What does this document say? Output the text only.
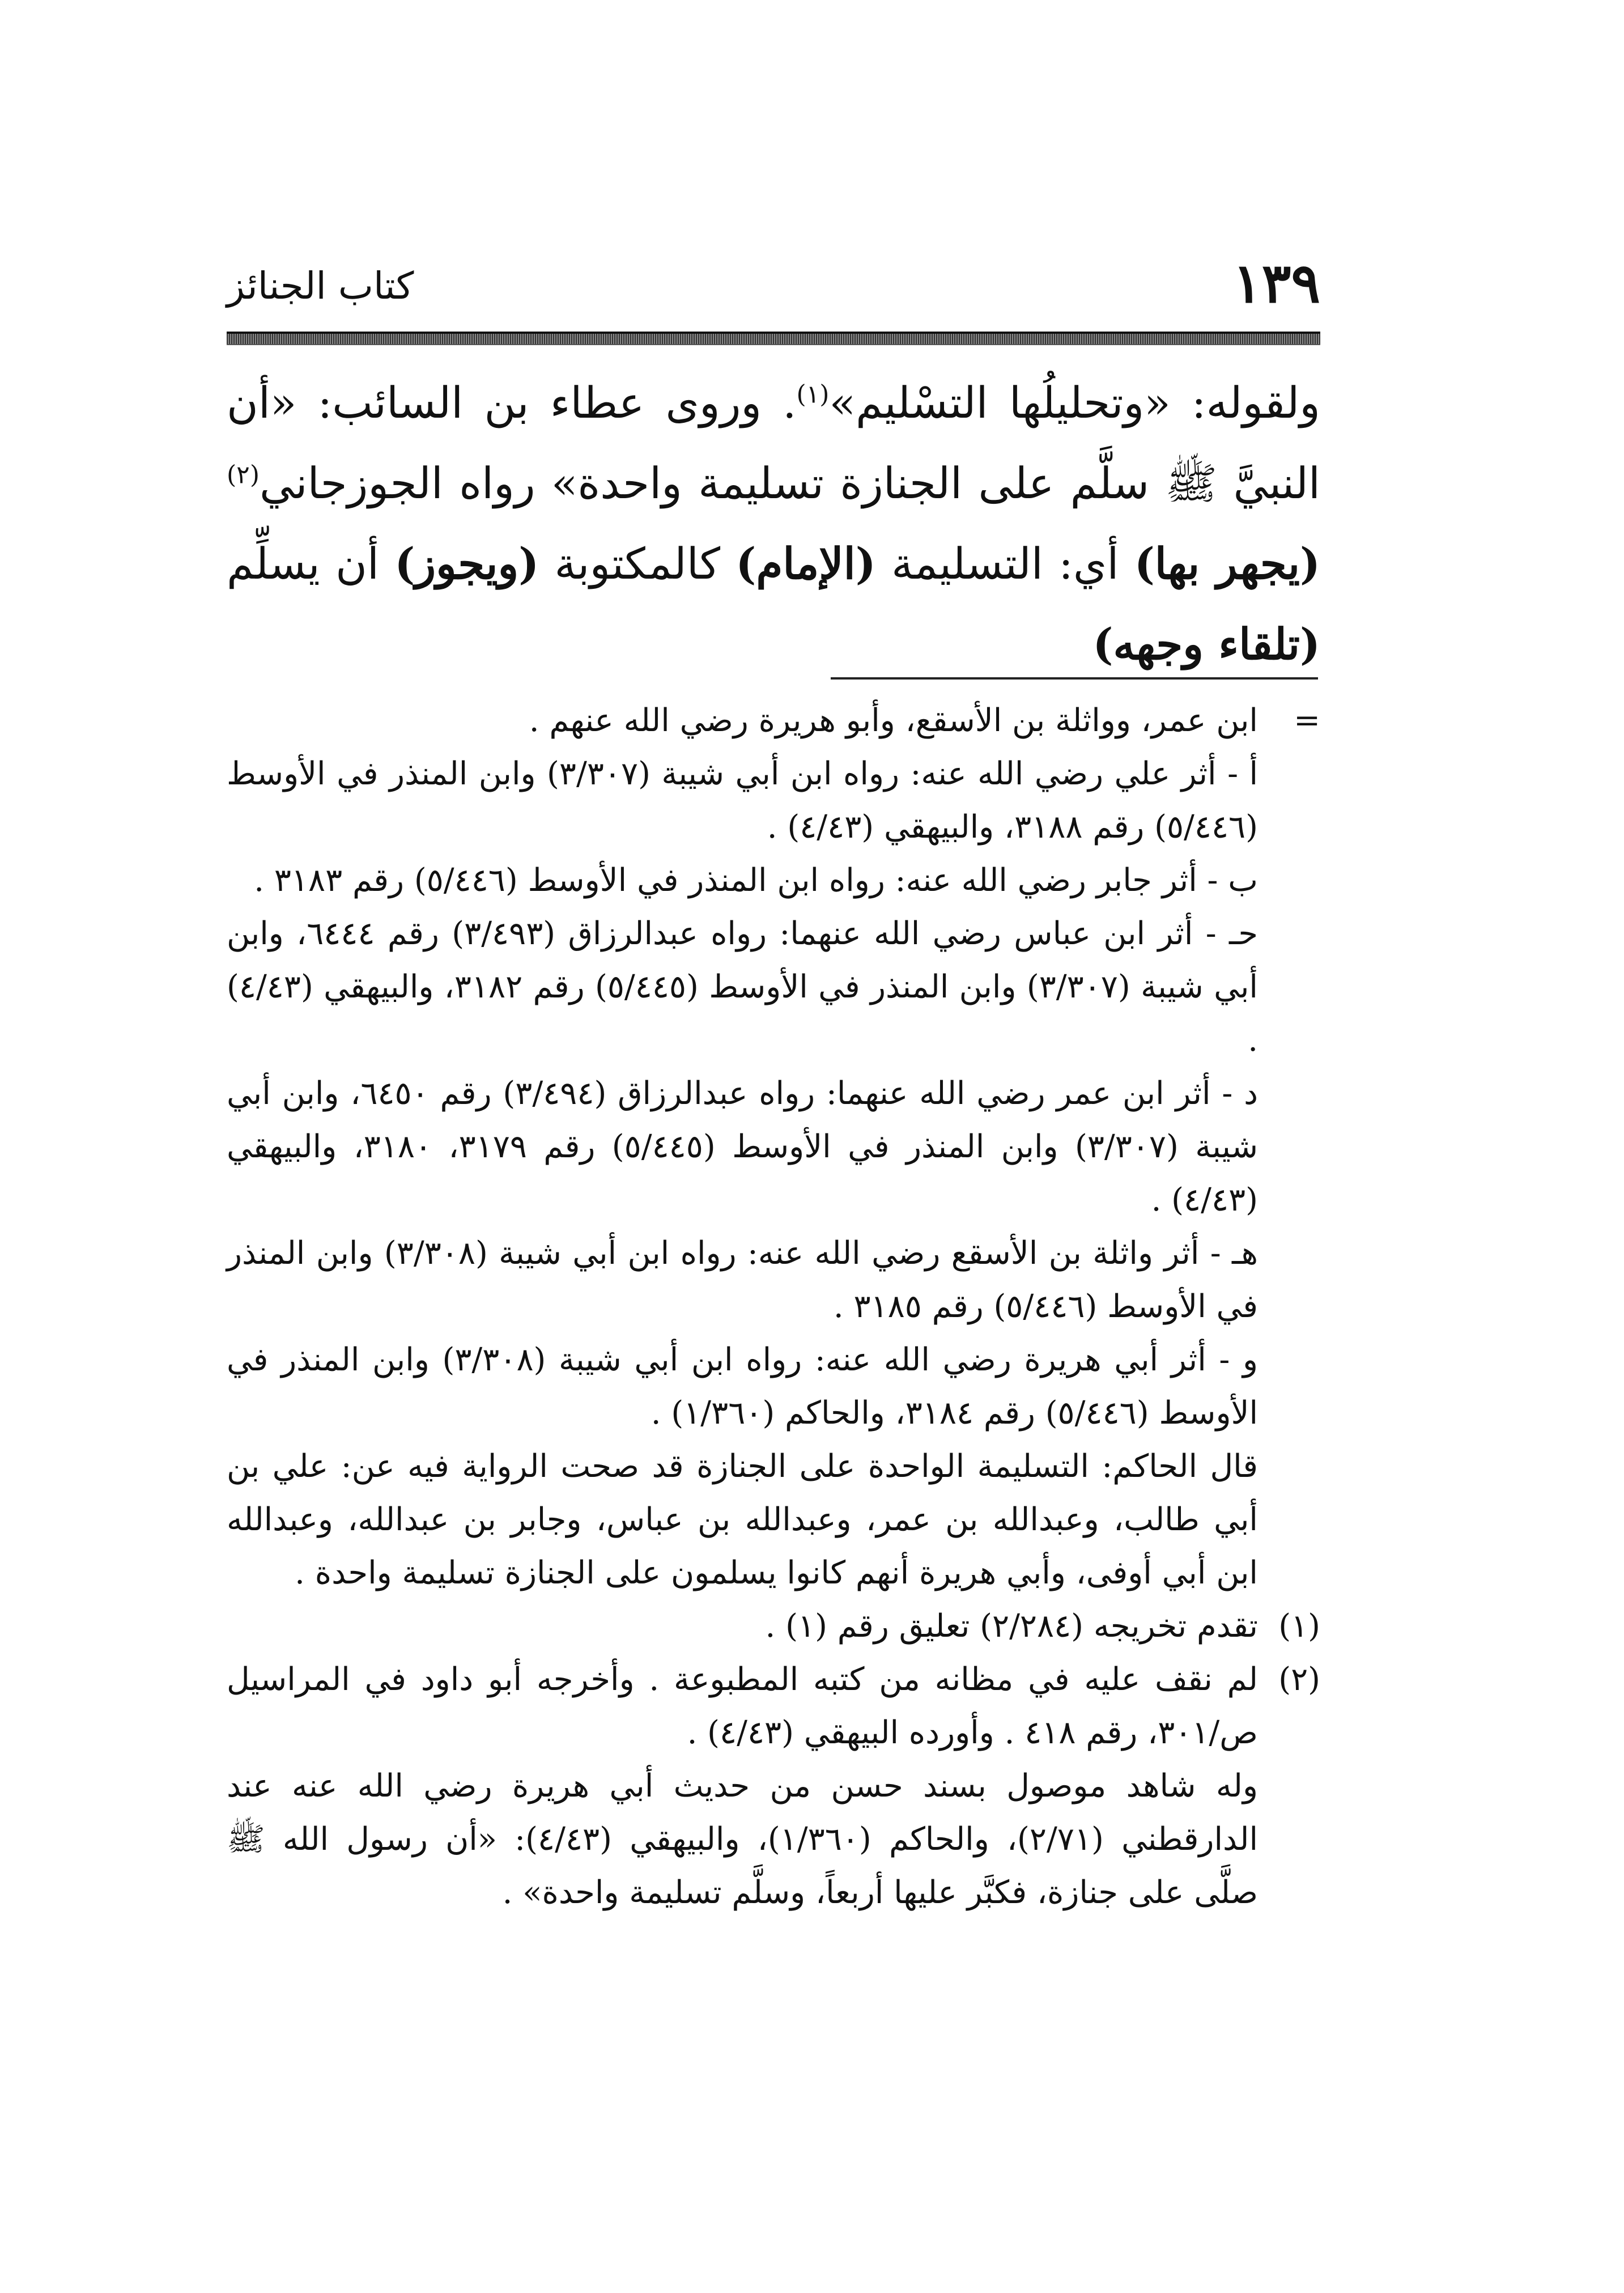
١٣٩
كتاب الجنائز
ولقوله: «وتحليلُها التسْليم»$^{(١)}$. وروى عطاء بن السائب: «أن النبيَّ ﷺ سلَّم على الجنازة تسليمة واحدة» رواه الجوزجاني$^{(٢)}$ (يجهر بها) أي: التسليمة (الإمام) كالمكتوبة (ويجوز) أن يسلِّم (تلقاء وجهه)
=
ابن عمر، وواثلة بن الأسقع، وأبو هريرة رضي الله عنهم .
أ - أثر علي رضي الله عنه: رواه ابن أبي شيبة (٣/٣٠٧) وابن المنذر في الأوسط (٥/٤٤٦) رقم ٣١٨٨، والبيهقي (٤/٤٣) .
ب - أثر جابر رضي الله عنه: رواه ابن المنذر في الأوسط (٥/٤٤٦) رقم ٣١٨٣ .
حـ - أثر ابن عباس رضي الله عنهما: رواه عبدالرزاق (٣/٤٩٣) رقم ٦٤٤٤، وابن أبي شيبة (٣/٣٠٧) وابن المنذر في الأوسط (٥/٤٤٥) رقم ٣١٨٢، والبيهقي (٤/٤٣) .
د - أثر ابن عمر رضي الله عنهما: رواه عبدالرزاق (٣/٤٩٤) رقم ٦٤٥٠، وابن أبي شيبة (٣/٣٠٧) وابن المنذر في الأوسط (٥/٤٤٥) رقم ٣١٧٩، ٣١٨٠، والبيهقي (٤/٤٣) .
هـ - أثر واثلة بن الأسقع رضي الله عنه: رواه ابن أبي شيبة (٣/٣٠٨) وابن المنذر في الأوسط (٥/٤٤٦) رقم ٣١٨٥ .
و - أثر أبي هريرة رضي الله عنه: رواه ابن أبي شيبة (٣/٣٠٨) وابن المنذر في الأوسط (٥/٤٤٦) رقم ٣١٨٤، والحاكم (١/٣٦٠) .
قال الحاكم: التسليمة الواحدة على الجنازة قد صحت الرواية فيه عن: علي بن أبي طالب، وعبدالله بن عمر، وعبدالله بن عباس، وجابر بن عبدالله، وعبدالله ابن أبي أوفى، وأبي هريرة أنهم كانوا يسلمون على الجنازة تسليمة واحدة .
(١)
تقدم تخريجه (٢/٢٨٤) تعليق رقم (١) .
(٢)
لم نقف عليه في مظانه من كتبه المطبوعة . وأخرجه أبو داود في المراسيل ص/٣٠١، رقم ٤١٨ . وأورده البيهقي (٤/٤٣) .
وله شاهد موصول بسند حسن من حديث أبي هريرة رضي الله عنه عند الدارقطني (٢/٧١)، والحاكم (١/٣٦٠)، والبيهقي (٤/٤٣): «أن رسول الله ﷺ صلَّى على جنازة، فكبَّر عليها أربعاً، وسلَّم تسليمة واحدة» .
